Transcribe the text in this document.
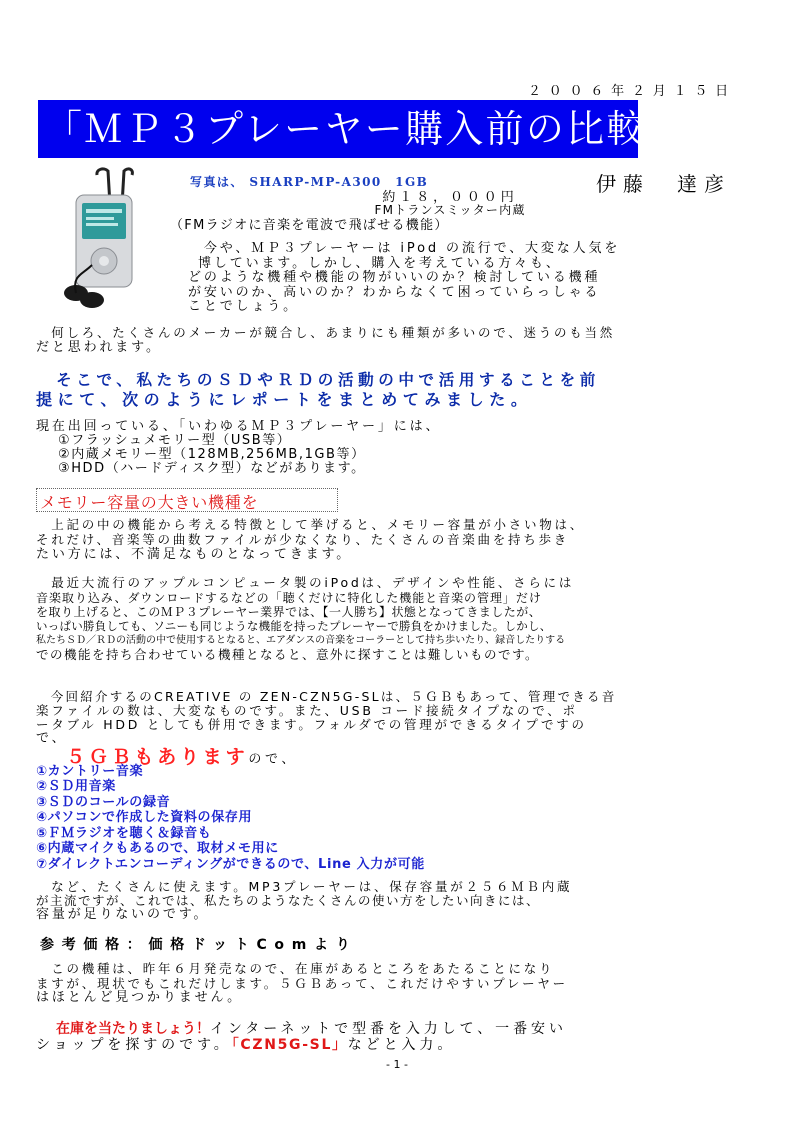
２００６年２月１５日
「ＭＰ３プレーヤー購入前の比較情報」
写真は、 SHARP-MP-A300　1GB	伊藤　達彦
約１８，０００円
FMトランスミッター内蔵
（FMラジオに音楽を電波で飛ばせる機能）
　今や、ＭＰ３プレーヤーは iPod の流行で、大変な人気を
博しています。しかし、購入を考えている方々も、
どのような機種や機能の物がいいのか？検討している機種
が安いのか、高いのか？わからなくて困っていらっしゃる
ことでしょう。
　何しろ、たくさんのメーカーが競合し、あまりにも種類が多いので、迷うのも当然
だと思われます。
　そこで、私たちのＳＤやＲＤの活動の中で活用することを前
提にて、次のようにレポートをまとめてみました。
現在出回っている、「いわゆるＭＰ３プレーヤー」には、
①フラッシュメモリー型（USB等）
②内蔵メモリー型（128MB,256MB,1GB等）
③HDD（ハードディスク型）などがあります。
メモリー容量の大きい機種を
　上記の中の機能から考える特徴として挙げると、メモリー容量が小さい物は、
それだけ、音楽等の曲数ファイルが少なくなり、たくさんの音楽曲を持ち歩き
たい方には、不満足なものとなってきます。
　最近大流行のアップルコンピュータ製のiPodは、デザインや性能、さらには
音楽取り込み、ダウンロードするなどの「聴くだけに特化した機能と音楽の管理」だけ
を取り上げると、このＭＰ３プレーヤー業界では、【一人勝ち】状態となってきましたが、
いっぱい勝負しても、ソニーも同じような機能を持ったプレーヤーで勝負をかけました。しかし、
私たちＳＤ／ＲＤの活動の中で使用するとなると、エアダンスの音楽をコーラーとして持ち歩いたり、録音したりする
での機能を持ち合わせている機種となると、意外に探すことは難しいものです。
　今回紹介するのCREATIVE の ZEN-CZN5G-SLは、５ＧＢもあって、管理できる音
楽ファイルの数は、大変なものです。また、USB コード接続タイプなので、ポ
ータブル HDD としても併用できます。フォルダでの管理ができるタイプですの
で、
５ＧＢもありますので、
①カントリー音楽
②ＳＤ用音楽
③ＳＤのコールの録音
④パソコンで作成した資料の保存用
⑤ＦＭラジオを聴く＆録音も
⑥内蔵マイクもあるので、取材メモ用に
⑦ダイレクトエンコーディングができるので、Line 入力が可能
　など、たくさんに使えます。MP3プレーヤーは、保存容量が２５６ＭＢ内蔵
が主流ですが、これでは、私たちのようなたくさんの使い方をしたい向きには、
容量が足りないのです。
参考価格：価格ドットComより
　この機種は、昨年６月発売なので、在庫があるところをあたることになり
ますが、現状でもこれだけします。５ＧＢあって、これだけやすいプレーヤー
はほとんど見つかりません。
在庫を当たりましょう！インターネットで型番を入力して、一番安い
ショップを探すのです。「CZN5G-SL」などと入力。
- 1 -
